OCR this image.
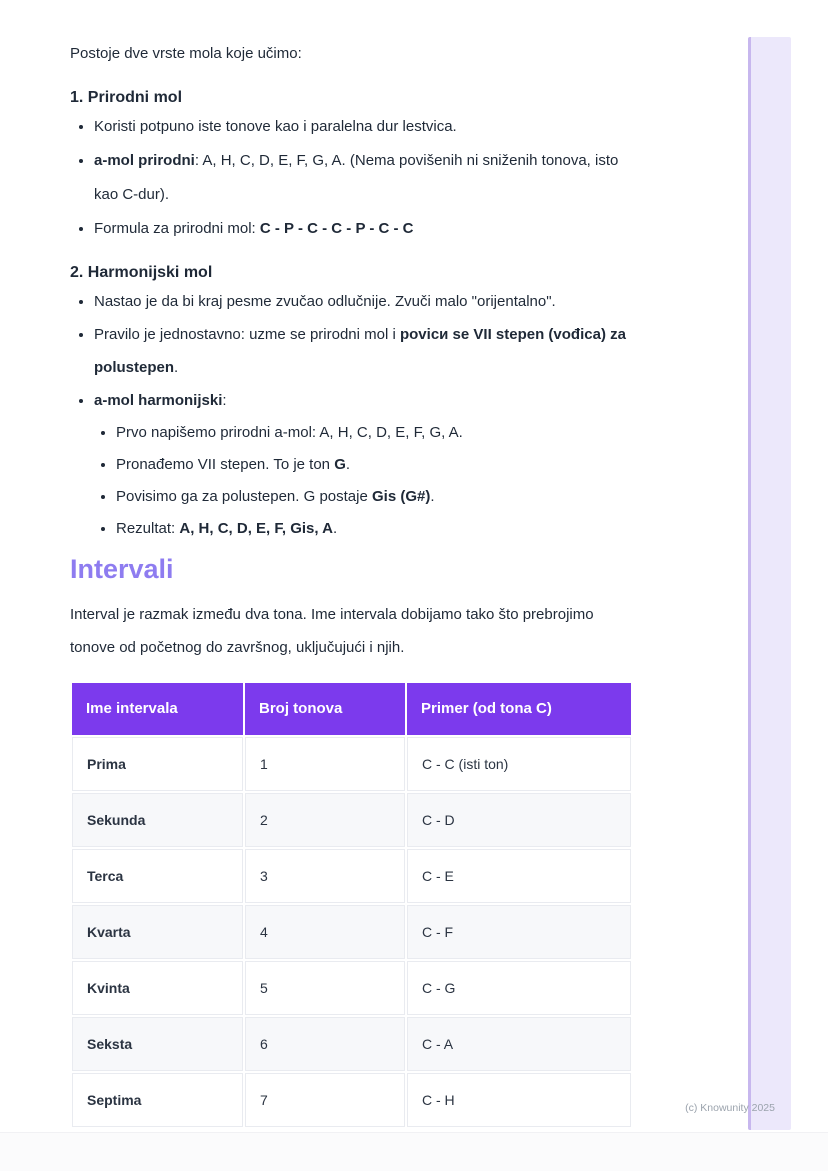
Postoje dve vrste mola koje učimo:

1. Prirodni mol
• Koristi potpuno iste tonove kao i paralelna dur lestvica.
• a-mol prirodni: A, H, C, D, E, F, G, A. (Nema povišenih ni sniženih tonova, isto kao C-dur).
• Formula za prirodni mol: C - P - C - C - P - C - C
2. Harmonijski mol
• Nastao je da bi kraj pesme zvučao odlučnije. Zvuči malo "orijentalno".
• Pravilo je jednostavno: uzme se prirodni mol i povicи se VII stepen (vođica) za polustepen.
• a-mol harmonijski:
• Prvo napišemo prirodni a-mol: A, H, C, D, E, F, G, A.
• Pronađemo VII stepen. To je ton G.
• Povisimo ga za polustepen. G postaje Gis (G#).
• Rezultat: A, H, C, D, E, F, Gis, A.
Intervali

Interval je razmak između dva tona. Ime intervala dobijamo tako što prebrojimo tonove od početnog do završnog, uključujući i njih.

Ime intervala	Broj tonova	Primer (od tona C)
Prima	1	C - C (isti ton)
Sekunda	2	C - D
Terca	3	C - E
Kvarta	4	C - F
Kvinta	5	C - G
Seksta	6	C - A
Septima	7	C - H	(c) Knowunity 2025
